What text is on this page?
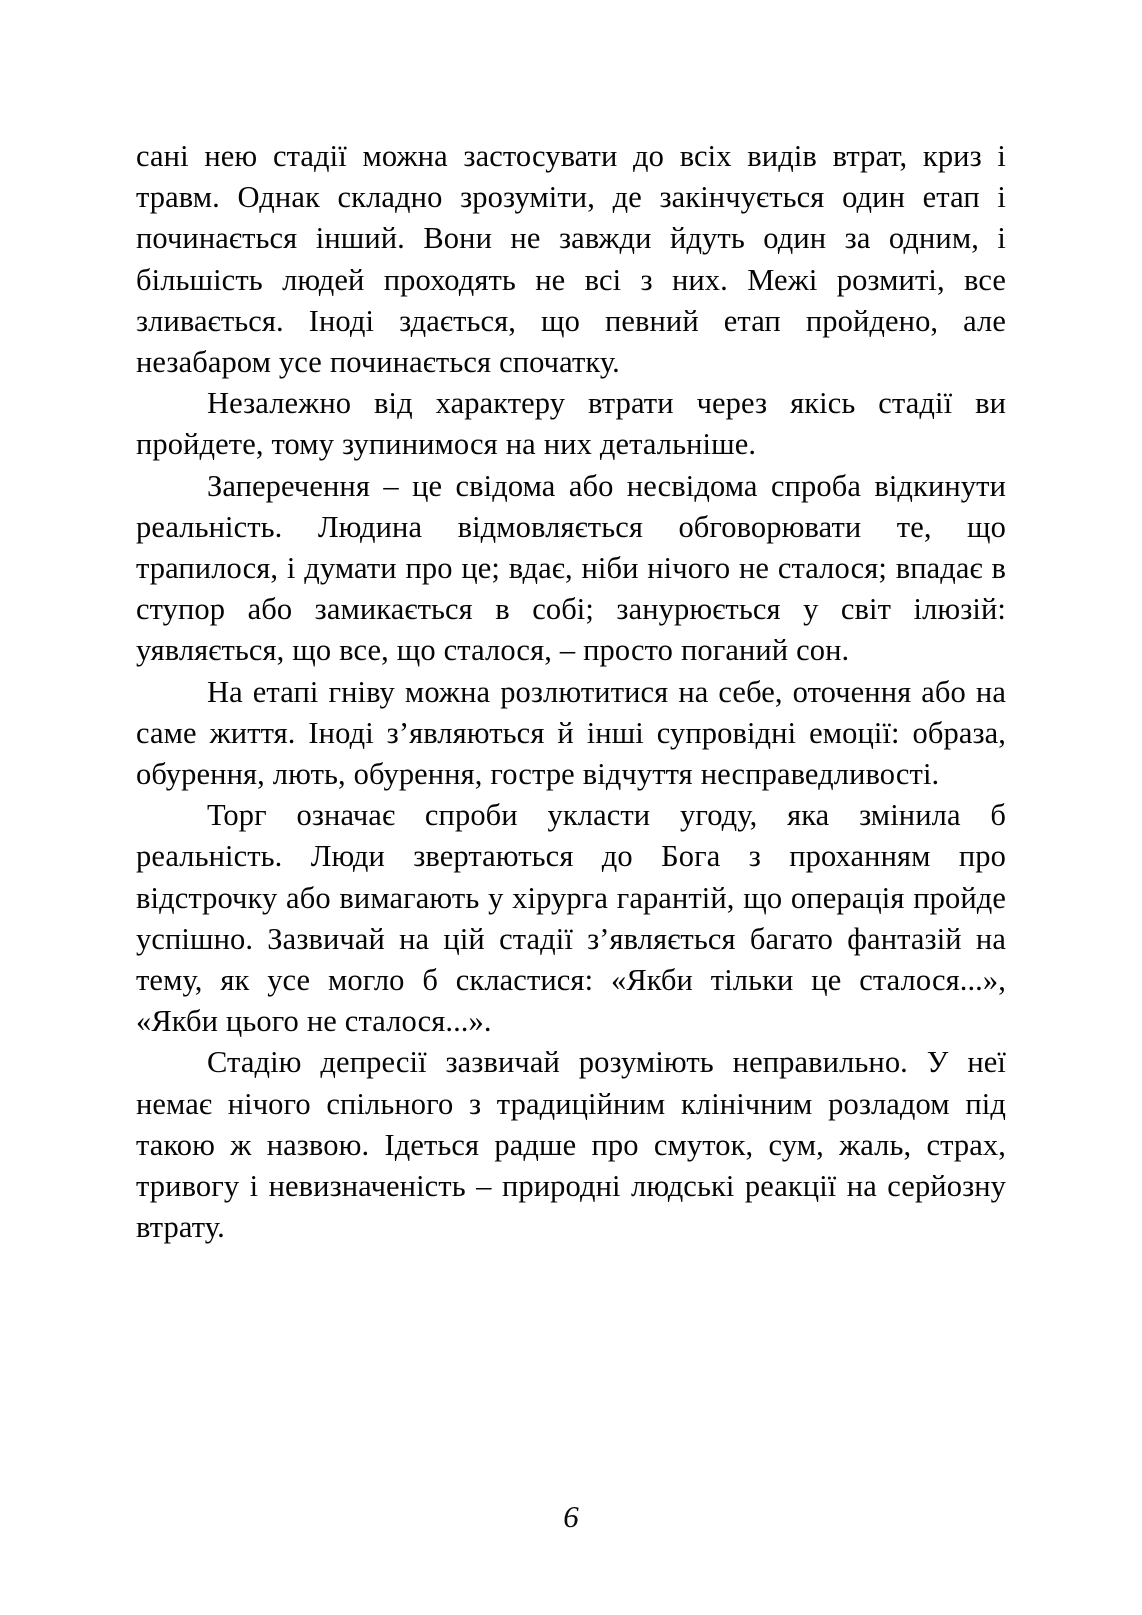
сані нею стадії можна застосувати до всіх видів втрат, криз і травм. Однак складно зрозуміти, де закінчується один етап і починається інший. Вони не завжди йдуть один за одним, і більшість людей проходять не всі з них. Межі розмиті, все зливається. Іноді здається, що певний етап пройдено, але незабаром усе починається спочатку.

Незалежно від характеру втрати через якісь стадії ви пройдете, тому зупинимося на них детальніше.

Заперечення – це свідома або несвідома спроба відкинути реальність. Людина відмовляється обговорювати те, що трапилося, і думати про це; вдає, ніби нічого не сталося; впадає в ступор або замикається в собі; занурюється у світ ілюзій: уявляється, що все, що сталося, – просто поганий сон.

На етапі гніву можна розлютитися на себе, оточення або на саме життя. Іноді з’являються й інші супровідні емоції: образа, обурення, лють, обурення, гостре відчуття несправедливості.

Торг означає спроби укласти угоду, яка змінила б реальність. Люди звертаються до Бога з проханням про відстрочку або вимагають у хірурга гарантій, що операція пройде успішно. Зазвичай на цій стадії з’являється багато фантазій на тему, як усе могло б скластися: «Якби тільки це сталося...», «Якби цього не сталося...».

Стадію депресії зазвичай розуміють неправильно. У неї немає нічого спільного з традиційним клінічним розладом під такою ж назвою. Ідеться радше про смуток, сум, жаль, страх, тривогу і невизначеність – природні людські реакції на серйозну втрату.

6
